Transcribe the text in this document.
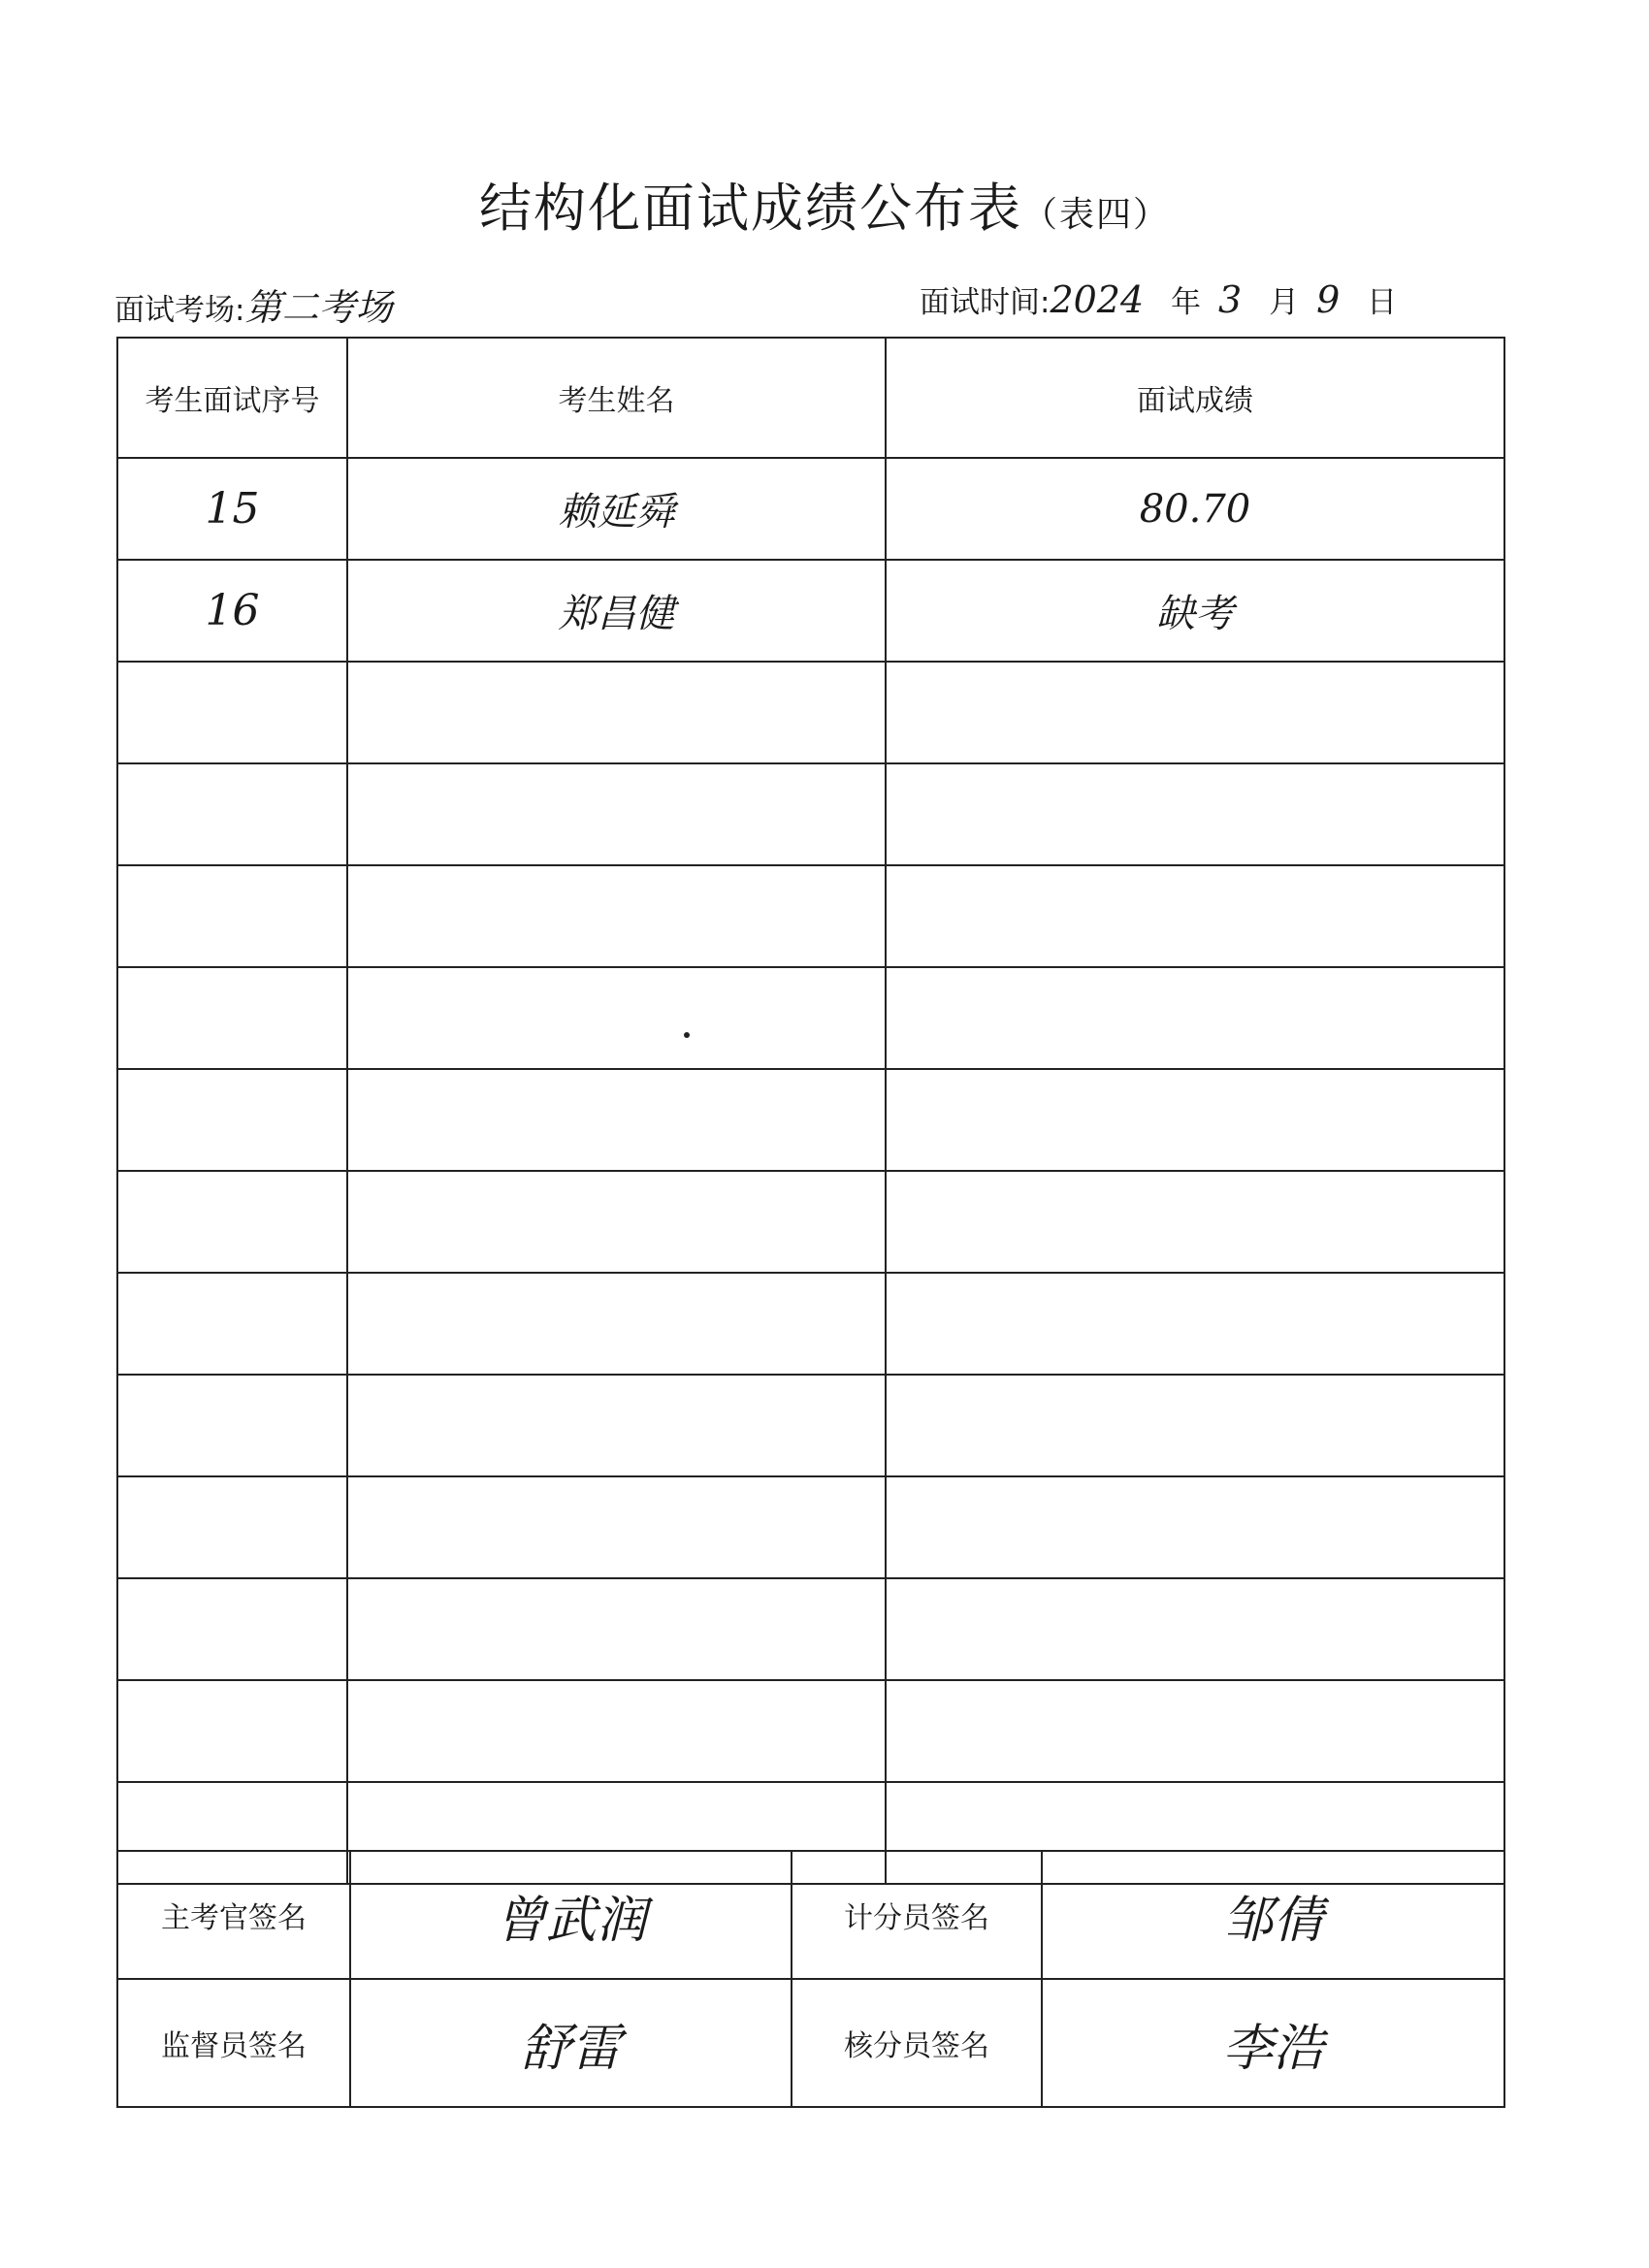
结构化面试成绩公布表（表四）
面试考场:第二考场	面试时间:2024 年 3 月 9 日
考生面试序号	考生姓名	面试成绩
15	赖延舜	80.70
16	郑昌健	缺考

主考官签名	曾武润	计分员签名	邹倩
监督员签名	舒雷	核分员签名	李浩
